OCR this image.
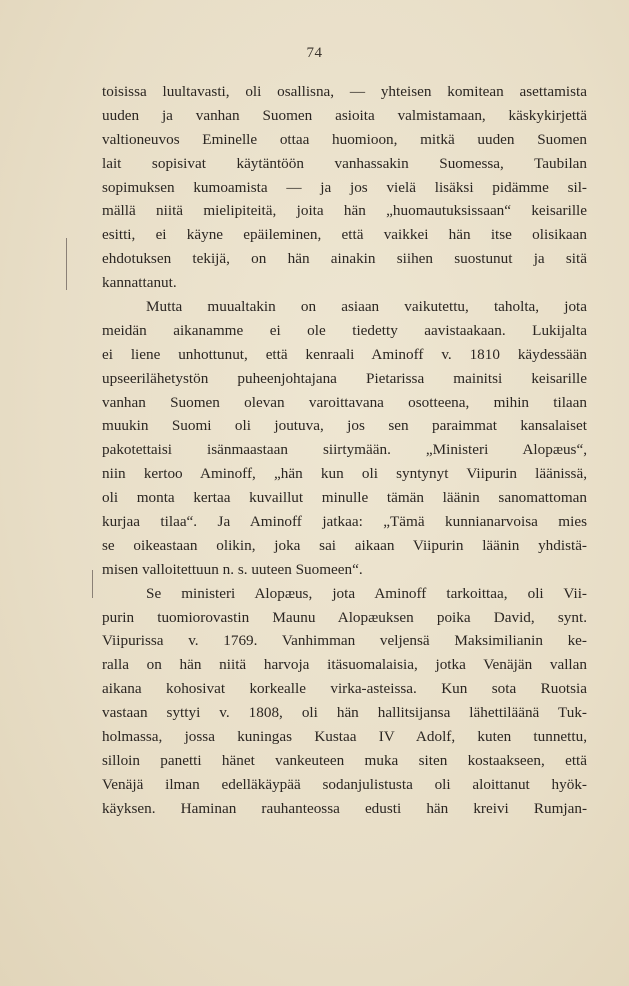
74
toisissa luultavasti, oli osallisna, — yhteisen komitean asettamista
uuden ja vanhan Suomen asioita valmistamaan, käskykirjettä
valtioneuvos Eminelle ottaa huomioon, mitkä uuden Suomen
lait sopisivat käytäntöön vanhassakin Suomessa, Taubilan
sopimuksen kumoamista — ja jos vielä lisäksi pidämme sil-
mällä niitä mielipiteitä, joita hän „huomautuksissaan“ keisarille
esitti, ei käyne epäileminen, että vaikkei hän itse olisikaan
ehdotuksen tekijä, on hän ainakin siihen suostunut ja sitä
kannattanut.
Mutta muualtakin on asiaan vaikutettu, taholta, jota
meidän aikanamme ei ole tiedetty aavistaakaan. Lukijalta
ei liene unhottunut, että kenraali Aminoff v. 1810 käydessään
upseerilähetystön puheenjohtajana Pietarissa mainitsi keisarille
vanhan Suomen olevan varoittavana osotteena, mihin tilaan
muukin Suomi oli joutuva, jos sen paraimmat kansalaiset
pakotettaisi isänmaastaan siirtymään. „Ministeri Alopæus“,
niin kertoo Aminoff, „hän kun oli syntynyt Viipurin läänissä,
oli monta kertaa kuvaillut minulle tämän läänin sanomattoman
kurjaa tilaa“. Ja Aminoff jatkaa: „Tämä kunnianarvoisa mies
se oikeastaan olikin, joka sai aikaan Viipurin läänin yhdistä-
misen valloitettuun n. s. uuteen Suomeen“.
Se ministeri Alopæus, jota Aminoff tarkoittaa, oli Vii-
purin tuomiorovastin Maunu Alopæuksen poika David, synt.
Viipurissa v. 1769. Vanhimman veljensä Maksimilianin ke-
ralla on hän niitä harvoja itäsuomalaisia, jotka Venäjän vallan
aikana kohosivat korkealle virka-asteissa. Kun sota Ruotsia
vastaan syttyi v. 1808, oli hän hallitsijansa lähettiläänä Tuk-
holmassa, jossa kuningas Kustaa IV Adolf, kuten tunnettu,
silloin panetti hänet vankeuteen muka siten kostaakseen, että
Venäjä ilman edelläkäypää sodanjulistusta oli aloittanut hyök-
käyksen. Haminan rauhanteossa edusti hän kreivi Rumjan-
